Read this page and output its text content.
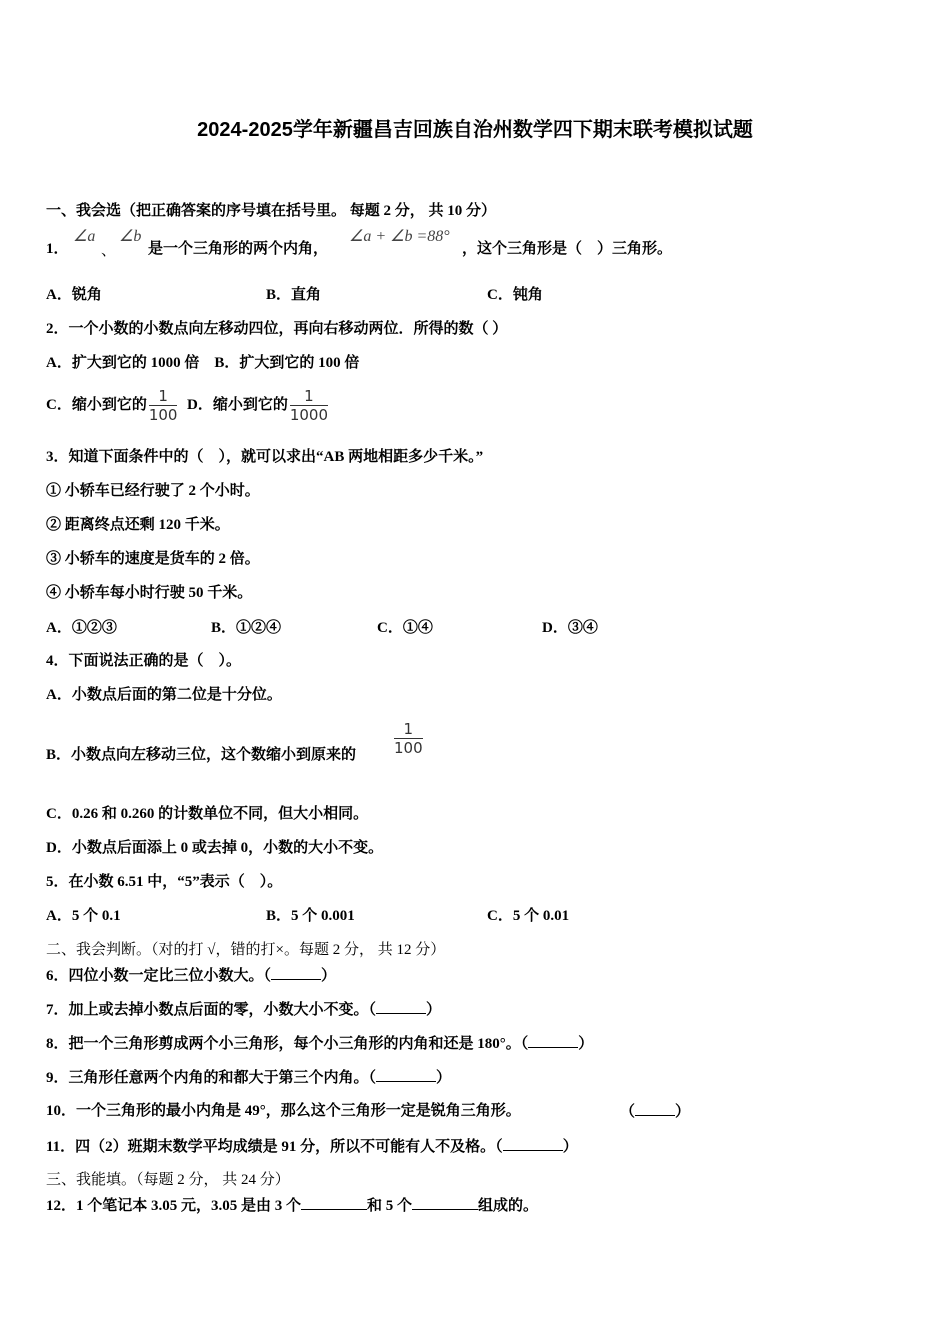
2024-2025学年新疆昌吉回族自治州数学四下期末联考模拟试题
一、我会选（把正确答案的序号填在括号里。 每题 2 分， 共 10 分）
1．
∠a
、
∠b
是一个三角形的两个内角，
∠a + ∠b =88°
，这个三角形是（　）三角形。
A．锐角	B．直角	C．钝角
2．一个小数的小数点向左移动四位，再向右移动两位．所得的数（ ）
A．扩大到它的 1000 倍　B．扩大到它的 100 倍
C．缩小到它的 $\frac{1}{100}$ D．缩小到它的 $\frac{1}{1000}$
3．知道下面条件中的（　），就可以求出“AB 两地相距多少千米。”
① 小轿车已经行驶了 2 个小时。
② 距离终点还剩 120 千米。
③ 小轿车的速度是货车的 2 倍。
④ 小轿车每小时行驶 50 千米。
A．①②③	B．①②④	C．①④	D．③④
4．下面说法正确的是（　）。
A．小数点后面的第二位是十分位。
B．小数点向左移动三位，这个数缩小到原来的	$\frac{1}{100}$
C．0.26 和 0.260 的计数单位不同，但大小相同。
D．小数点后面添上 0 或去掉 0，小数的大小不变。
5．在小数 6.51 中，“5”表示（　）。
A．5 个 0.1	B．5 个 0.001	C．5 个 0.01
二、我会判断。（对的打 √，错的打×。每题 2 分， 共 12 分）
6．四位小数一定比三位小数大。（	）
7．加上或去掉小数点后面的零，小数大小不变。（	）
8．把一个三角形剪成两个小三角形，每个小三角形的内角和还是 180°。（	）
9．三角形任意两个内角的和都大于第三个内角。（	）
10．一个三角形的最小内角是 49°，那么这个三角形一定是锐角三角形。	（	）
11．四（2）班期末数学平均成绩是 91 分，所以不可能有人不及格。（	）
三、我能填。（每题 2 分， 共 24 分）
12．1 个笔记本 3.05 元，3.05 是由 3 个	和 5 个	组成的。
